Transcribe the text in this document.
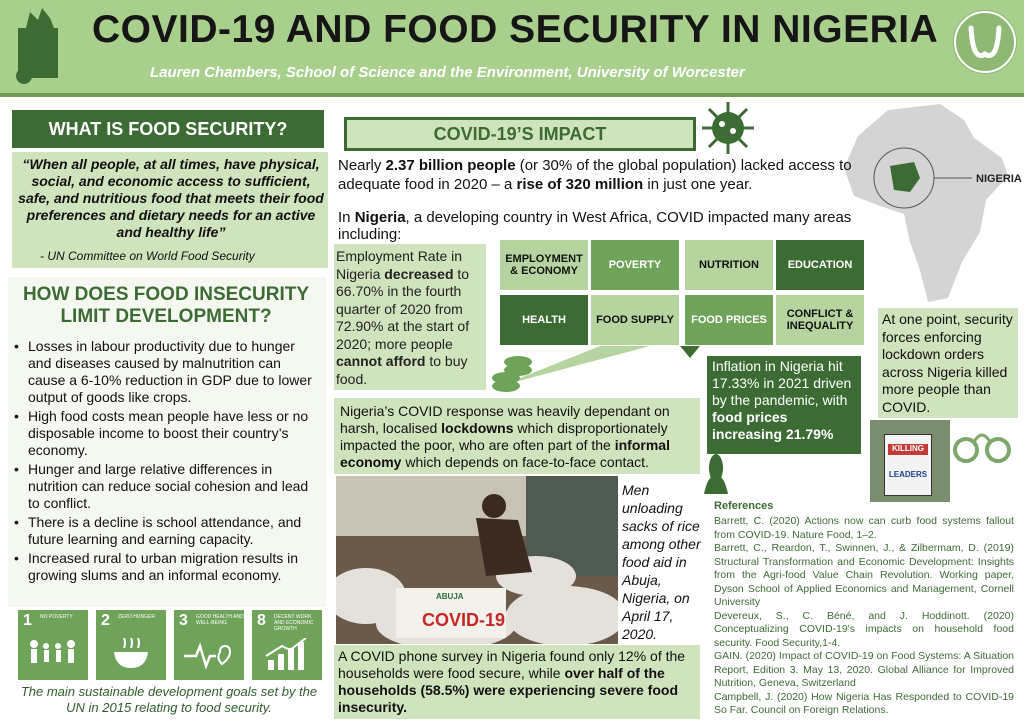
COVID-19 AND FOOD SECURITY IN NIGERIA
Lauren Chambers, School of Science and the Environment, University of Worcester
WHAT IS FOOD SECURITY?
“When all people, at all times, have physical, social, and economic access to sufficient, safe, and nutritious food that meets their food preferences and dietary needs for an active and healthy life”
- UN Committee on World Food Security
HOW DOES FOOD INSECURITY LIMIT DEVELOPMENT?
• Losses in labour productivity due to hunger and diseases caused by malnutrition can cause a 6-10% reduction in GDP due to lower output of goods like crops.
• High food costs mean people have less or no disposable income to boost their country’s economy.
• Hunger and large relative differences in nutrition can reduce social cohesion and lead to conflict.
• There is a decline is school attendance, and future learning and earning capacity.
• Increased rural to urban migration results in growing slums and an informal economy.
1 NO POVERTY 2 ZERO HUNGER 3 GOOD HEALTH AND WELL-BEING	8 DECENT WORK AND ECONOMIC GROWTH
The main sustainable development goals set by the UN in 2015 relating to food security.
COVID-19’S IMPACT
NIGERIA
Nearly 2.37 billion people (or 30% of the global population) lacked access to adequate food in 2020 – a rise of 320 million in just one year.
In Nigeria, a developing country in West Africa, COVID impacted many areas including:
EMPLOYMENT & ECONOMY	POVERTY	NUTRITION	EDUCATION
HEALTH	FOOD SUPPLY	FOOD PRICES	CONFLICT & INEQUALITY
Employment Rate in Nigeria decreased to 66.70% in the fourth quarter of 2020 from 72.90% at the start of 2020; more people cannot afford to buy food.
Inflation in Nigeria hit 17.33% in 2021 driven by the pandemic, with food prices increasing 21.79%
At one point, security forces enforcing lockdown orders across Nigeria killed more people than COVID.
KILLING
LEADERS
Nigeria’s COVID response was heavily dependant on harsh, localised lockdowns which disproportionately impacted the poor, who are often part of the informal economy which depends on face-to-face contact.
ABUJA
COVID-19
Men unloading sacks of rice among other food aid in Abuja, Nigeria, on April 17, 2020.
A COVID phone survey in Nigeria found only 12% of the households were food secure, while over half of the households (58.5%) were experiencing severe food insecurity.
References
Barrett, C. (2020) Actions now can curb food systems fallout from COVID-19. Nature Food, 1–2.
Barrett, C., Reardon, T., Swinnen, J., & Zilbermam, D. (2019) Structural Transformation and Economic Development: Insights from the Agri-food Value Chain Revolution. Working paper, Dyson School of Applied Economics and Management, Cornell University
Devereux, S., C. Béné, and J. Hoddinott. (2020) Conceptualizing COVID-19's impacts on household food security. Food Security,1-4.
GAIN. (2020) Impact of COVID-19 on Food Systems: A Situation Report, Edition 3. May 13, 2020. Global Alliance for Improved Nutrition, Geneva, Switzerland
Campbell, J. (2020) How Nigeria Has Responded to COVID-19 So Far. Council on Foreign Relations.
